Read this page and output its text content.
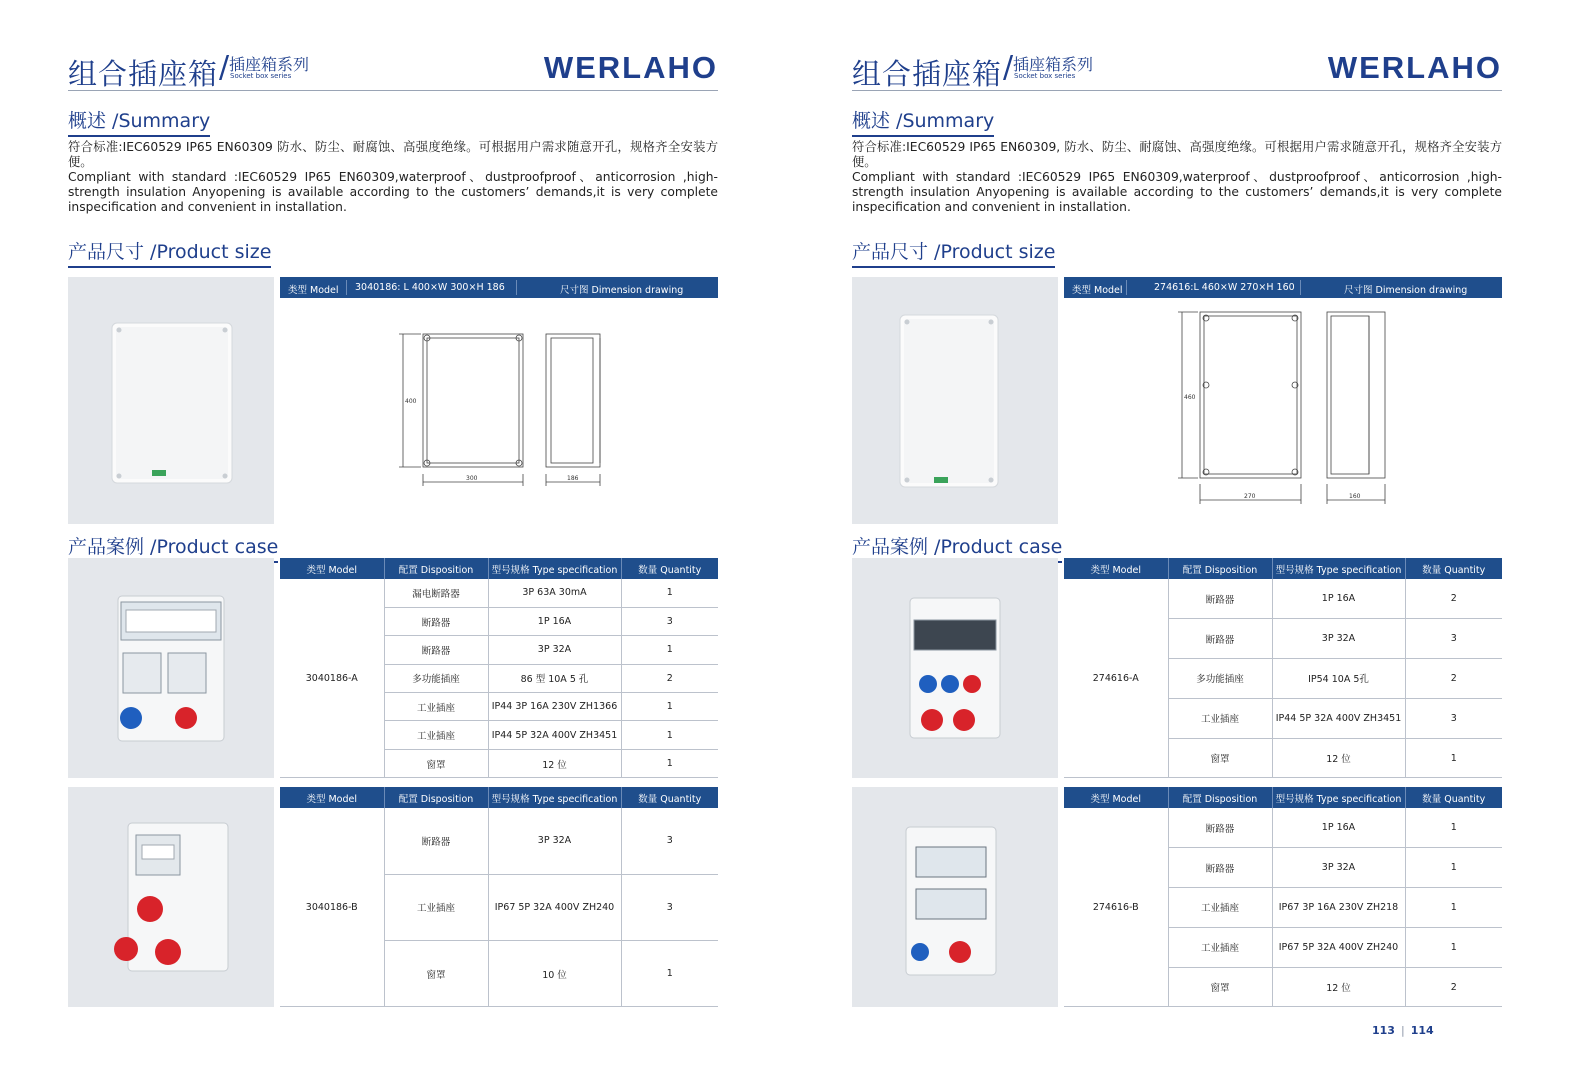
组合插座箱 / 插座箱系列
Socket box series	WERLAHO
概述 /Summary

符合标准:IEC60529 IP65 EN60309 防水、防尘、耐腐蚀、高强度绝缘。可根据用户需求随意开孔，规格齐全安装方便。

Compliant with standard :IEC60529 IP65 EN60309,waterproof、dustproofproof、anticorrosion ,high-strength insulation Anyopening is available according to the customers’ demands,it is very complete inspecification and convenient in installation.

产品尺寸 /Product size
类型 Model 3040186: L 400×W 300×H 186	尺寸图 Dimension drawing
400
300	186
产品案例 /Product case
类型 Model	配置 Disposition	型号规格 Type specification	数量 Quantity
3040186-A	漏电断路器	3P 63A 30mA	1
	断路器	1P 16A	3
	断路器	3P 32A	1
	多功能插座	86 型 10A 5 孔	2
	工业插座	IP44 3P 16A 230V ZH1366	1
	工业插座	IP44 5P 32A 400V ZH3451	1
	窗罩	12 位	1
类型 Model	配置 Disposition	型号规格 Type specification	数量 Quantity
3040186-B	断路器	3P 32A	3
	工业插座	IP67 5P 32A 400V ZH240	3
	窗罩	10 位	1
组合插座箱 / 插座箱系列
Socket box series	WERLAHO
概述 /Summary

符合标准:IEC60529 IP65 EN60309, 防水、防尘、耐腐蚀、高强度绝缘。可根据用户需求随意开孔，规格齐全安装方便。

Compliant with standard :IEC60529 IP65 EN60309,waterproof、dustproofproof、anticorrosion ,high-strength insulation Anyopening is available according to the customers’ demands,it is very complete inspecification and convenient in installation.

产品尺寸 /Product size
类型 Model	274616:L 460×W 270×H 160	尺寸图 Dimension drawing
460
270	160
产品案例 /Product case
类型 Model	配置 Disposition	型号规格 Type specification	数量 Quantity
274616-A	断路器	1P 16A	2
	断路器	3P 32A	3
	多功能插座	IP54 10A 5孔	2
	工业插座	IP44 5P 32A 400V ZH3451	3
	窗罩	12 位	1
类型 Model	配置 Disposition	型号规格 Type specification	数量 Quantity
274616-B	断路器	1P 16A	1
	断路器	3P 32A	1
	工业插座	IP67 3P 16A 230V ZH218	1
	工业插座	IP67 5P 32A 400V ZH240	1
	窗罩	12 位	2
113 | 114
